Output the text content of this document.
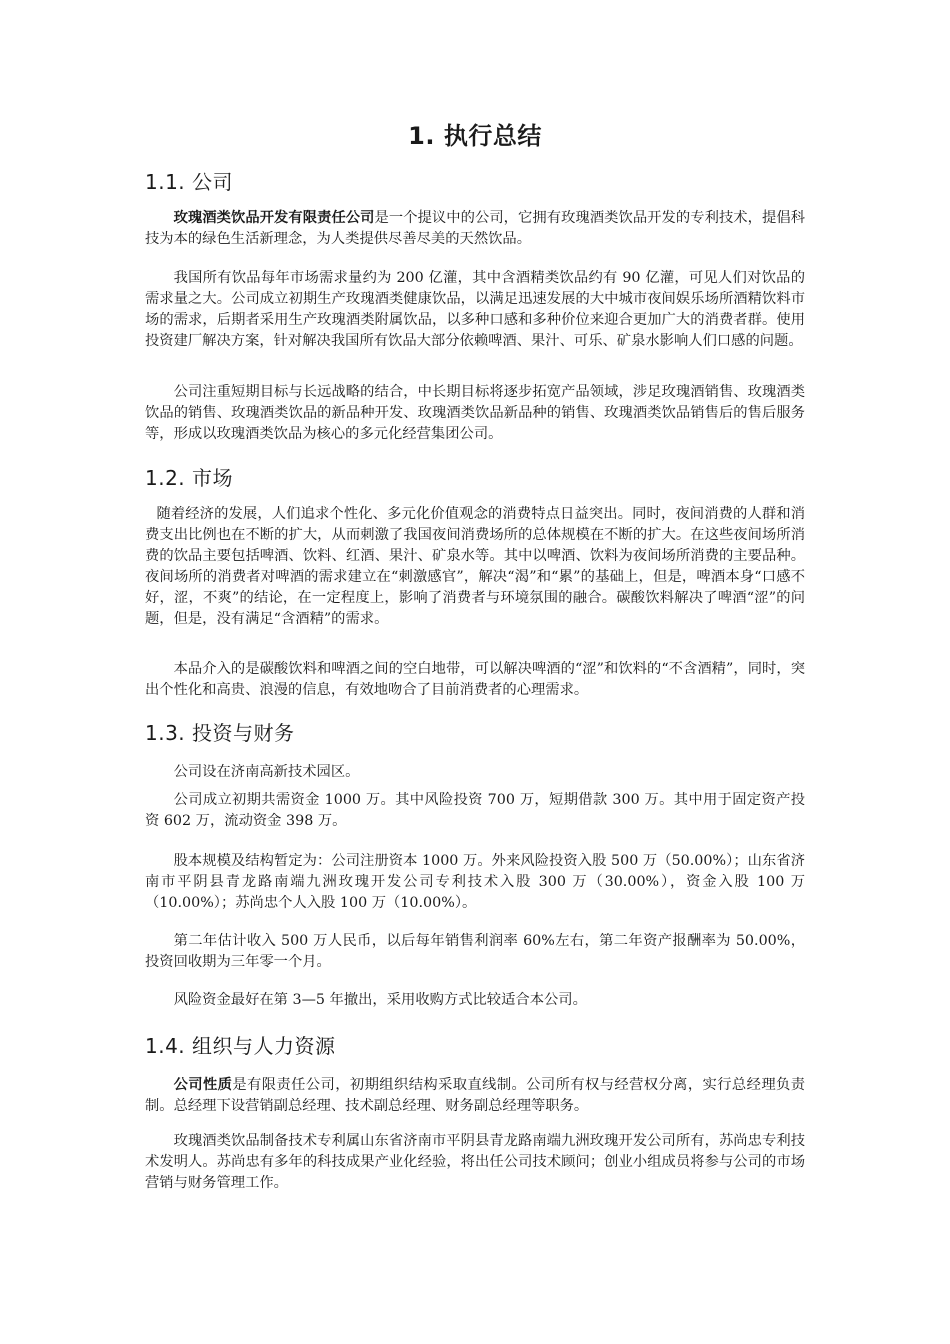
1. 执行总结
1.1. 公司

玫瑰酒类饮品开发有限责任公司是一个提议中的公司，它拥有玫瑰酒类饮品开发的专利技术，提倡科技为本的绿色生活新理念，为人类提供尽善尽美的天然饮品。

我国所有饮品每年市场需求量约为 200 亿灌，其中含酒精类饮品约有 90 亿灌，可见人们对饮品的需求量之大。公司成立初期生产玫瑰酒类健康饮品，以满足迅速发展的大中城市夜间娱乐场所酒精饮料市场的需求，后期者采用生产玫瑰酒类附属饮品，以多种口感和多种价位来迎合更加广大的消费者群。使用投资建厂解决方案，针对解决我国所有饮品大部分依赖啤酒、果汁、可乐、矿泉水影响人们口感的问题。

公司注重短期目标与长远战略的结合，中长期目标将逐步拓宽产品领域，涉足玫瑰酒销售、玫瑰酒类饮品的销售、玫瑰酒类饮品的新品种开发、玫瑰酒类饮品新品种的销售、玫瑰酒类饮品销售后的售后服务等，形成以玫瑰酒类饮品为核心的多元化经营集团公司。

1.2. 市场

随着经济的发展，人们追求个性化、多元化价值观念的消费特点日益突出。同时，夜间消费的人群和消费支出比例也在不断的扩大，从而刺激了我国夜间消费场所的总体规模在不断的扩大。在这些夜间场所消费的饮品主要包括啤酒、饮料、红酒、果汁、矿泉水等。其中以啤酒、饮料为夜间场所消费的主要品种。夜间场所的消费者对啤酒的需求建立在“刺激感官”，解决“渴”和“累”的基础上，但是，啤酒本身“口感不好，涩，不爽”的结论，在一定程度上，影响了消费者与环境氛围的融合。碳酸饮料解决了啤酒“涩”的问题，但是，没有满足“含酒精”的需求。

本品介入的是碳酸饮料和啤酒之间的空白地带，可以解决啤酒的“涩”和饮料的“不含酒精”，同时，突出个性化和高贵、浪漫的信息，有效地吻合了目前消费者的心理需求。

1.3. 投资与财务

公司设在济南高新技术园区。

公司成立初期共需资金 1000 万。其中风险投资 700 万，短期借款 300 万。其中用于固定资产投资 602 万，流动资金 398 万。

股本规模及结构暂定为：公司注册资本 1000 万。外来风险投资入股 500 万（50.00%）；山东省济南市平阴县青龙路南端九洲玫瑰开发公司专利技术入股 300 万（30.00%），资金入股 100 万（10.00%）；苏尚忠个人入股 100 万（10.00%）。

第二年估计收入 500 万人民币，以后每年销售利润率 60%左右，第二年资产报酬率为 50.00%，投资回收期为三年零一个月。

风险资金最好在第 3—5 年撤出，采用收购方式比较适合本公司。

1.4. 组织与人力资源

公司性质是有限责任公司，初期组织结构采取直线制。公司所有权与经营权分离，实行总经理负责制。总经理下设营销副总经理、技术副总经理、财务副总经理等职务。

玫瑰酒类饮品制备技术专利属山东省济南市平阴县青龙路南端九洲玫瑰开发公司所有，苏尚忠专利技术发明人。苏尚忠有多年的科技成果产业化经验，将出任公司技术顾问；创业小组成员将参与公司的市场营销与财务管理工作。
